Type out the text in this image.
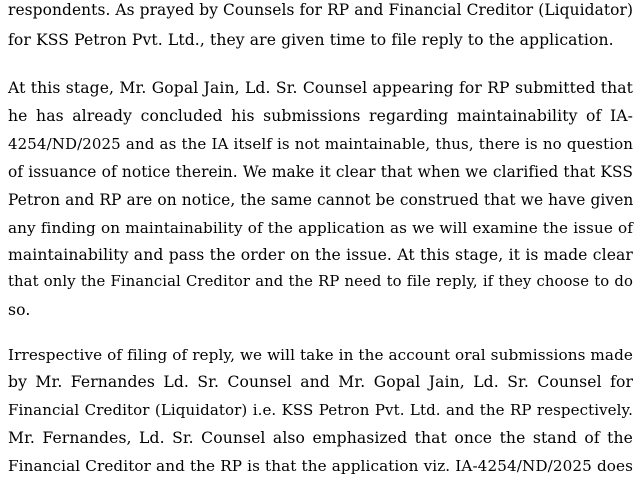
respondents. As prayed by Counsels for RP and Financial Creditor (Liquidator)
for KSS Petron Pvt. Ltd., they are given time to file reply to the application.
At this stage, Mr. Gopal Jain, Ld. Sr. Counsel appearing for RP submitted that
he has already concluded his submissions regarding maintainability of IA-
4254/ND/2025 and as the IA itself is not maintainable, thus, there is no question
of issuance of notice therein. We make it clear that when we clarified that KSS
Petron and RP are on notice, the same cannot be construed that we have given
any finding on maintainability of the application as we will examine the issue of
maintainability and pass the order on the issue. At this stage, it is made clear
that only the Financial Creditor and the RP need to file reply, if they choose to do
so.
Irrespective of filing of reply, we will take in the account oral submissions made
by Mr. Fernandes Ld. Sr. Counsel and Mr. Gopal Jain, Ld. Sr. Counsel for
Financial Creditor (Liquidator) i.e. KSS Petron Pvt. Ltd. and the RP respectively.
Mr. Fernandes, Ld. Sr. Counsel also emphasized that once the stand of the
Financial Creditor and the RP is that the application viz. IA-4254/ND/2025 does
